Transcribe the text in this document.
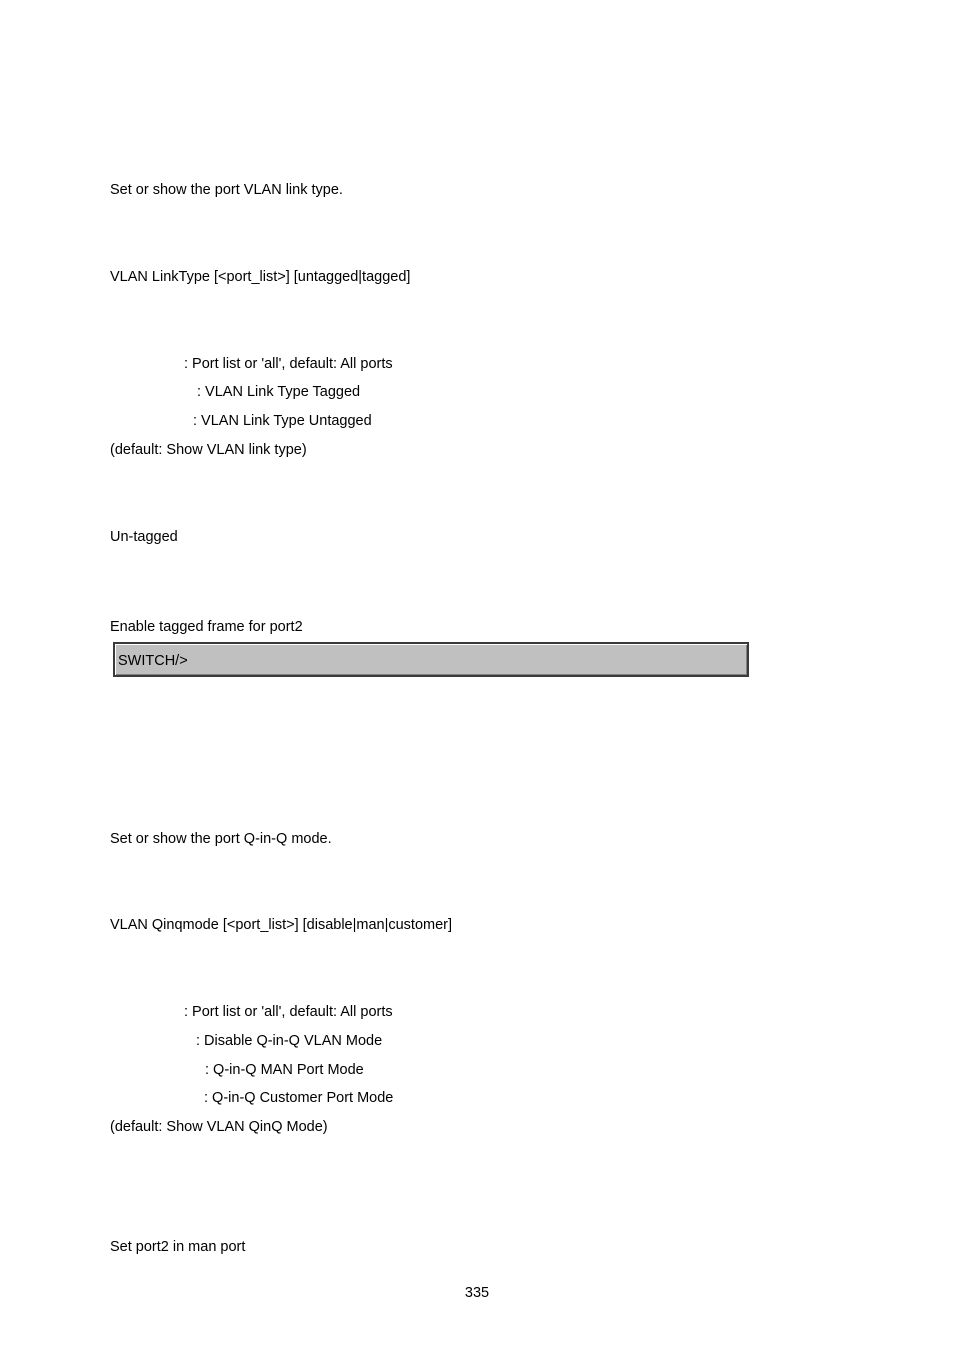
Set or show the port VLAN link type.
VLAN LinkType [<port_list>] [untagged|tagged]
: Port list or 'all', default: All ports
: VLAN Link Type Tagged
: VLAN Link Type Untagged
(default: Show VLAN link type)
Un-tagged
Enable tagged frame for port2
SWITCH/>
Set or show the port Q-in-Q mode.
VLAN Qinqmode [<port_list>] [disable|man|customer]
: Port list or 'all', default: All ports
: Disable Q-in-Q VLAN Mode
: Q-in-Q MAN Port Mode
: Q-in-Q Customer Port Mode
(default: Show VLAN QinQ Mode)
Set port2 in man port
335
